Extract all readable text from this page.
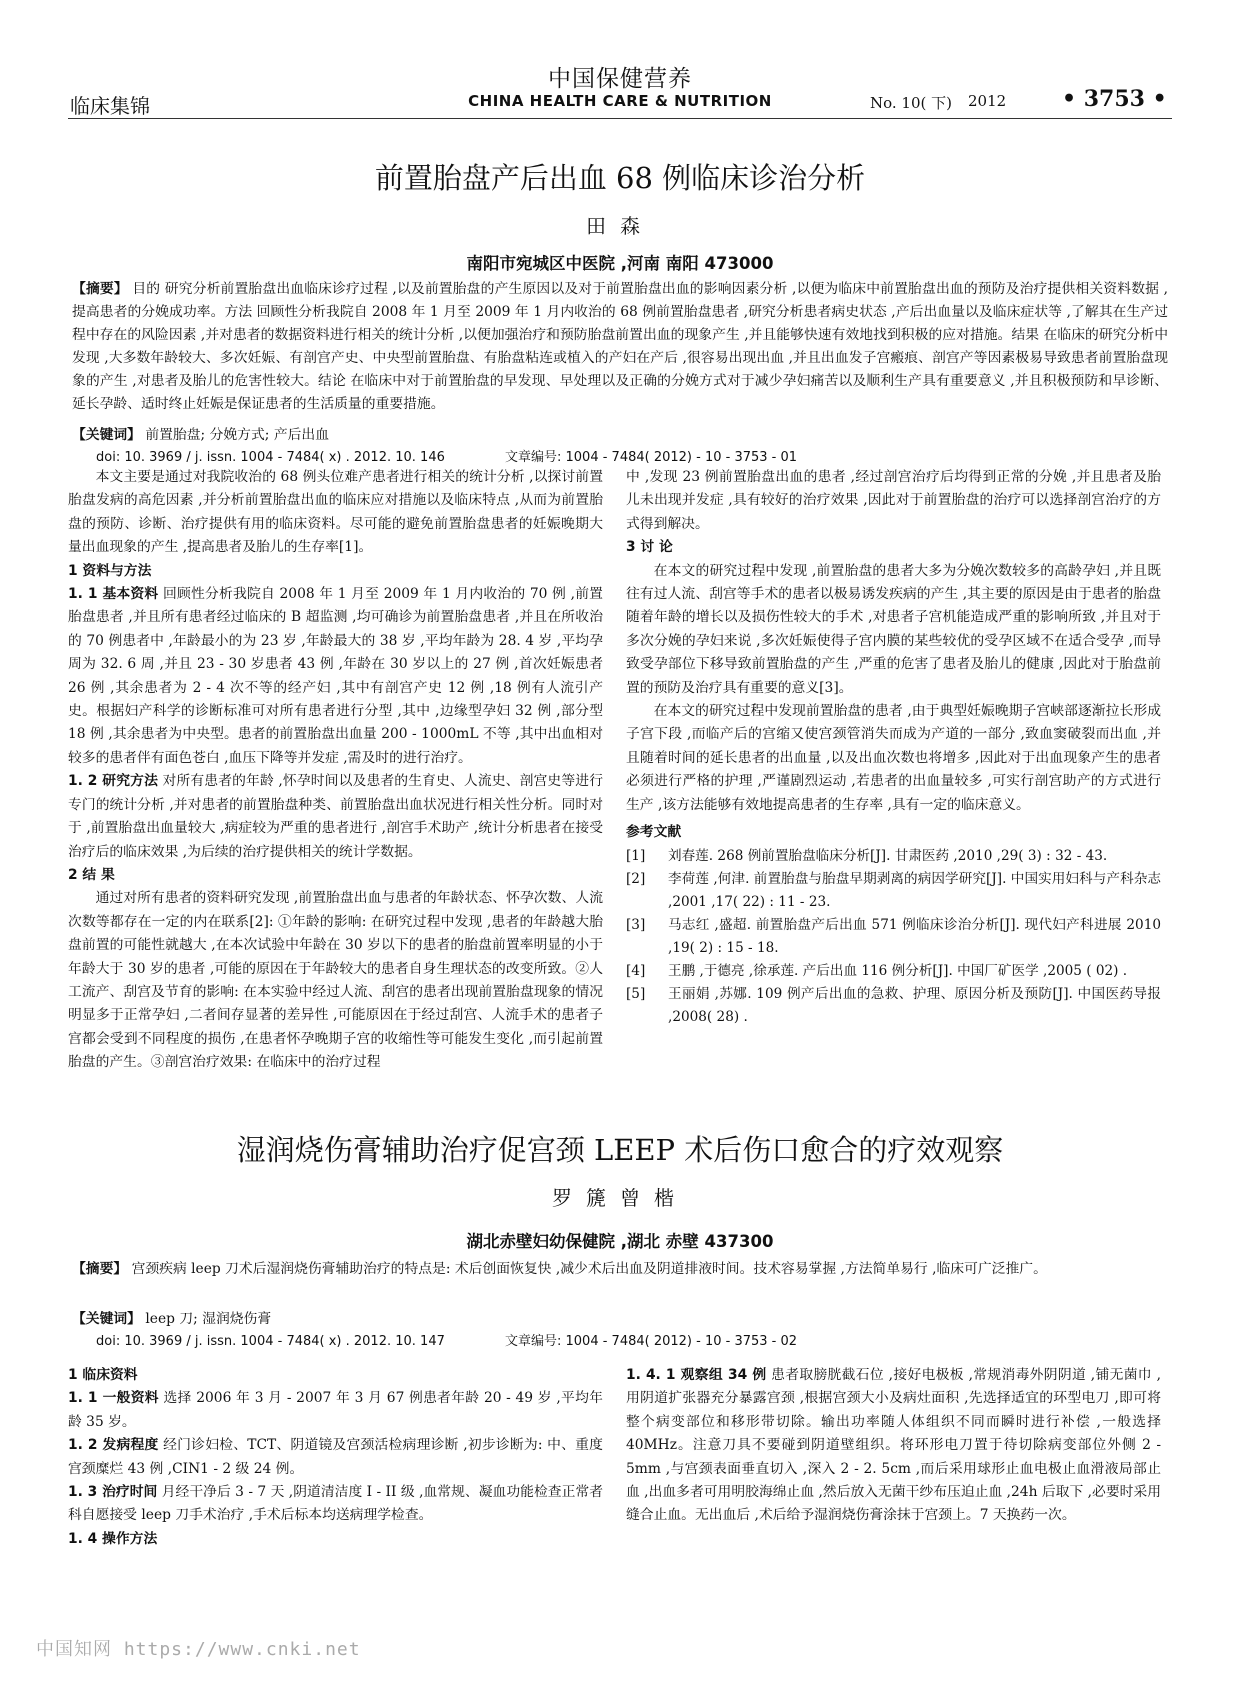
中国保健营养
临床集锦	CHINA HEALTH CARE & NUTRITION	No. 10( 下) 2012	• 3753 •
前置胎盘产后出血 68 例临床诊治分析
田森
南阳市宛城区中医院 ,河南 南阳 473000
【摘要】 目的 研究分析前置胎盘出血临床诊疗过程 ,以及前置胎盘的产生原因以及对于前置胎盘出血的影响因素分析 ,以便为临床中前置胎盘出血的预防及治疗提供相关资料数据 ,提高患者的分娩成功率。方法 回顾性分析我院自 2008 年 1 月至 2009 年 1 月内收治的 68 例前置胎盘患者 ,研究分析患者病史状态 ,产后出血量以及临床症状等 ,了解其在生产过程中存在的风险因素 ,并对患者的数据资料进行相关的统计分析 ,以便加强治疗和预防胎盘前置出血的现象产生 ,并且能够快速有效地找到积极的应对措施。结果 在临床的研究分析中发现 ,大多数年龄较大、多次妊娠、有剖宫产史、中央型前置胎盘、有胎盘粘连或植入的产妇在产后 ,很容易出现出血 ,并且出血发子宫瘢痕、剖宫产等因素极易导致患者前置胎盘现象的产生 ,对患者及胎儿的危害性较大。结论 在临床中对于前置胎盘的早发现、早处理以及正确的分娩方式对于减少孕妇痛苦以及顺利生产具有重要意义 ,并且积极预防和早诊断、延长孕龄、适时终止妊娠是保证患者的生活质量的重要措施。
【关键词】 前置胎盘; 分娩方式; 产后出血
doi: 10. 3969 / j. issn. 1004 - 7484( x) . 2012. 10. 146	文章编号: 1004 - 7484( 2012) - 10 - 3753 - 01

本文主要是通过对我院收治的 68 例头位难产患者进行相关的统计分析 ,以探讨前置胎盘发病的高危因素 ,并分析前置胎盘出血的临床应对措施以及临床特点 ,从而为前置胎盘的预防、诊断、治疗提供有用的临床资料。尽可能的避免前置胎盘患者的妊娠晚期大量出血现象的产生 ,提高患者及胎儿的生存率[1]。

1 资料与方法
1. 1 基本资料 回顾性分析我院自 2008 年 1 月至 2009 年 1 月内收治的 70 例 ,前置胎盘患者 ,并且所有患者经过临床的 B 超监测 ,均可确诊为前置胎盘患者 ,并且在所收治的 70 例患者中 ,年龄最小的为 23 岁 ,年龄最大的 38 岁 ,平均年龄为 28. 4 岁 ,平均孕周为 32. 6 周 ,并且 23 - 30 岁患者 43 例 ,年龄在 30 岁以上的 27 例 ,首次妊娠患者 26 例 ,其余患者为 2 - 4 次不等的经产妇 ,其中有剖宫产史 12 例 ,18 例有人流引产史。根据妇产科学的诊断标准可对所有患者进行分型 ,其中 ,边缘型孕妇 32 例 ,部分型 18 例 ,其余患者为中央型。患者的前置胎盘出血量 200 - 1000mL 不等 ,其中出血相对较多的患者伴有面色苍白 ,血压下降等并发症 ,需及时的进行治疗。
1. 2 研究方法 对所有患者的年龄 ,怀孕时间以及患者的生育史、人流史、剖宫史等进行专门的统计分析 ,并对患者的前置胎盘种类、前置胎盘出血状况进行相关性分析。同时对于 ,前置胎盘出血量较大 ,病症较为严重的患者进行 ,剖宫手术助产 ,统计分析患者在接受治疗后的临床效果 ,为后续的治疗提供相关的统计学数据。
2 结 果

通过对所有患者的资料研究发现 ,前置胎盘出血与患者的年龄状态、怀孕次数、人流次数等都存在一定的内在联系[2]: ①年龄的影响: 在研究过程中发现 ,患者的年龄越大胎盘前置的可能性就越大 ,在本次试验中年龄在 30 岁以下的患者的胎盘前置率明显的小于年龄大于 30 岁的患者 ,可能的原因在于年龄较大的患者自身生理状态的改变所致。②人工流产、刮宫及节育的影响: 在本实验中经过人流、刮宫的患者出现前置胎盘现象的情况明显多于正常孕妇 ,二者间存显著的差异性 ,可能原因在于经过刮宫、人流手术的患者子宫都会受到不同程度的损伤 ,在患者怀孕晚期子宫的收缩性等可能发生变化 ,而引起前置胎盘的产生。③剖宫治疗效果: 在临床中的治疗过程

中 ,发现 23 例前置胎盘出血的患者 ,经过剖宫治疗后均得到正常的分娩 ,并且患者及胎儿未出现并发症 ,具有较好的治疗效果 ,因此对于前置胎盘的治疗可以选择剖宫治疗的方式得到解决。
3 讨 论

在本文的研究过程中发现 ,前置胎盘的患者大多为分娩次数较多的高龄孕妇 ,并且既往有过人流、刮宫等手术的患者以极易诱发疾病的产生 ,其主要的原因是由于患者的胎盘随着年龄的增长以及损伤性较大的手术 ,对患者子宫机能造成严重的影响所致 ,并且对于多次分娩的孕妇来说 ,多次妊娠使得子宫内膜的某些较优的受孕区域不在适合受孕 ,而导致受孕部位下移导致前置胎盘的产生 ,严重的危害了患者及胎儿的健康 ,因此对于胎盘前置的预防及治疗具有重要的意义[3]。

在本文的研究过程中发现前置胎盘的患者 ,由于典型妊娠晚期子宫峡部逐渐拉长形成子宫下段 ,而临产后的宫缩又使宫颈管消失而成为产道的一部分 ,致血窦破裂而出血 ,并且随着时间的延长患者的出血量 ,以及出血次数也将增多 ,因此对于出血现象产生的患者必须进行严格的护理 ,严谨剧烈运动 ,若患者的出血量较多 ,可实行剖宫助产的方式进行生产 ,该方法能够有效地提高患者的生存率 ,具有一定的临床意义。

参考文献
[1]	刘春莲. 268 例前置胎盘临床分析[J]. 甘肃医药 ,2010 ,29( 3) : 32 - 43.
[2]	李荷莲 ,何津. 前置胎盘与胎盘早期剥离的病因学研究[J]. 中国实用妇科与产科杂志 ,2001 ,17( 22) : 11 - 23.
[3]	马志红 ,盛超. 前置胎盘产后出血 571 例临床诊治分析[J]. 现代妇产科进展 2010 ,19( 2) : 15 - 18.
[4]	王鹏 ,于德亮 ,徐承莲. 产后出血 116 例分析[J]. 中国厂矿医学 ,2005 ( 02) .
[5]	王丽娟 ,苏娜. 109 例产后出血的急救、护理、原因分析及预防[J]. 中国医药导报 ,2008( 28) .
湿润烧伤膏辅助治疗促宫颈 LEEP 术后伤口愈合的疗效观察
罗篪曾楷
湖北赤壁妇幼保健院 ,湖北 赤壁 437300
【摘要】 宫颈疾病 leep 刀术后湿润烧伤膏辅助治疗的特点是: 术后创面恢复快 ,减少术后出血及阴道排液时间。技术容易掌握 ,方法简单易行 ,临床可广泛推广。
【关键词】 leep 刀; 湿润烧伤膏
doi: 10. 3969 / j. issn. 1004 - 7484( x) . 2012. 10. 147	文章编号: 1004 - 7484( 2012) - 10 - 3753 - 02
1 临床资料
1. 1 一般资料 选择 2006 年 3 月 - 2007 年 3 月 67 例患者年龄 20 - 49 岁 ,平均年龄 35 岁。
1. 2 发病程度 经门诊妇检、TCT、阴道镜及宫颈活检病理诊断 ,初步诊断为: 中、重度宫颈糜烂 43 例 ,CIN1 - 2 级 24 例。
1. 3 治疗时间 月经干净后 3 - 7 天 ,阴道清洁度 I - II 级 ,血常规、凝血功能检查正常者科自愿接受 leep 刀手术治疗 ,手术后标本均送病理学检查。
1. 4 操作方法
1. 4. 1 观察组 34 例 患者取膀胱截石位 ,接好电极板 ,常规消毒外阴阴道 ,铺无菌巾 ,用阴道扩张器充分暴露宫颈 ,根据宫颈大小及病灶面积 ,先选择适宜的环型电刀 ,即可将整个病变部位和移形带切除。输出功率随人体组织不同而瞬时进行补偿 ,一般选择 40MHz。注意刀具不要碰到阴道壁组织。将环形电刀置于待切除病变部位外侧 2 - 5mm ,与宫颈表面垂直切入 ,深入 2 - 2. 5cm ,而后采用球形止血电极止血滑液局部止血 ,出血多者可用明胶海绵止血 ,然后放入无菌干纱布压迫止血 ,24h 后取下 ,必要时采用缝合止血。无出血后 ,术后给予湿润烧伤膏涂抹于宫颈上。7 天换药一次。
中国知网 https://www.cnki.net
